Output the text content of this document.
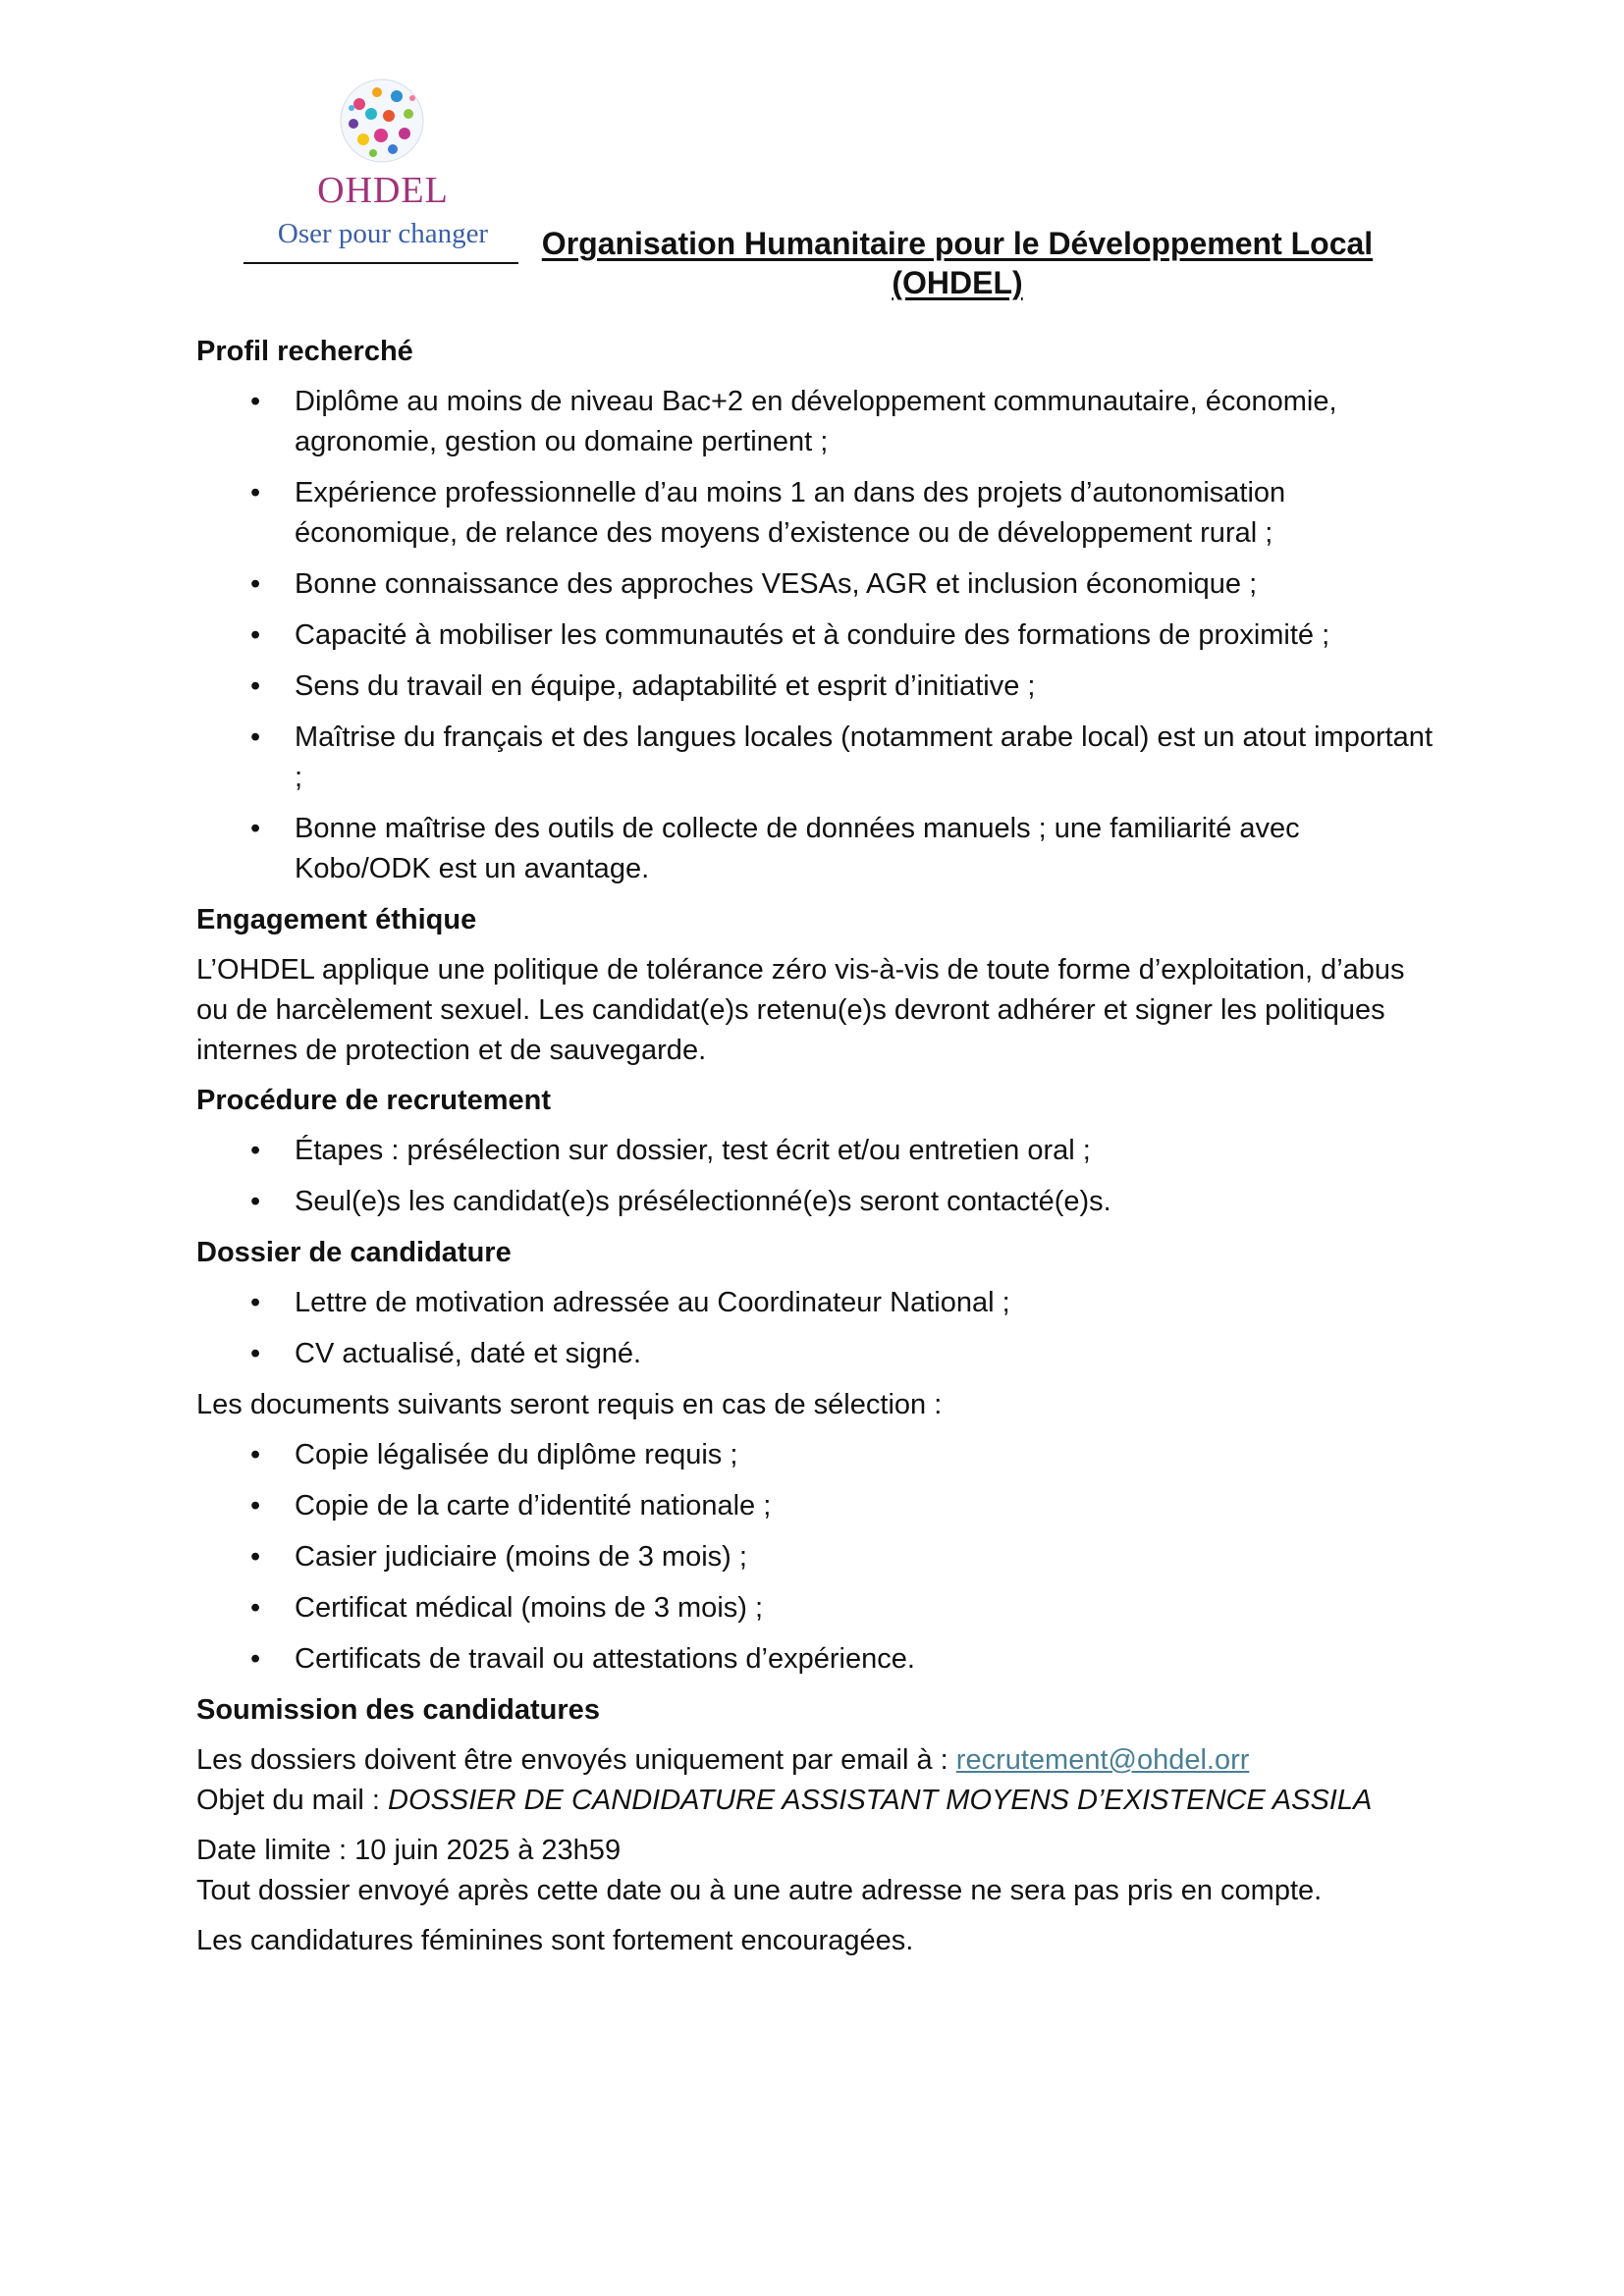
OHDEL
Oser pour changer	Organisation Humanitaire pour le Développement Local
(OHDEL)
Profil recherché
• Diplôme au moins de niveau Bac+2 en développement communautaire, économie, agronomie, gestion ou domaine pertinent ;
• Expérience professionnelle d’au moins 1 an dans des projets d’autonomisation économique, de relance des moyens d’existence ou de développement rural ;
• Bonne connaissance des approches VESAs, AGR et inclusion économique ;
• Capacité à mobiliser les communautés et à conduire des formations de proximité ;
• Sens du travail en équipe, adaptabilité et esprit d’initiative ;
• Maîtrise du français et des langues locales (notamment arabe local) est un atout important ;
• Bonne maîtrise des outils de collecte de données manuels ; une familiarité avec Kobo/ODK est un avantage.
Engagement éthique

L’OHDEL applique une politique de tolérance zéro vis-à-vis de toute forme d’exploitation, d’abus ou de harcèlement sexuel. Les candidat(e)s retenu(e)s devront adhérer et signer les politiques internes de protection et de sauvegarde.

Procédure de recrutement
• Étapes : présélection sur dossier, test écrit et/ou entretien oral ;
• Seul(e)s les candidat(e)s présélectionné(e)s seront contacté(e)s.
Dossier de candidature
• Lettre de motivation adressée au Coordinateur National ;
• CV actualisé, daté et signé.

Les documents suivants seront requis en cas de sélection :

• Copie légalisée du diplôme requis ;
• Copie de la carte d’identité nationale ;
• Casier judiciaire (moins de 3 mois) ;
• Certificat médical (moins de 3 mois) ;
• Certificats de travail ou attestations d’expérience.
Soumission des candidatures
Les dossiers doivent être envoyés uniquement par email à : recrutement@ohdel.orr

Objet du mail : DOSSIER DE CANDIDATURE ASSISTANT MOYENS D’EXISTENCE ASSILA

Date limite : 10 juin 2025 à 23h59

Tout dossier envoyé après cette date ou à une autre adresse ne sera pas pris en compte.

Les candidatures féminines sont fortement encouragées.
